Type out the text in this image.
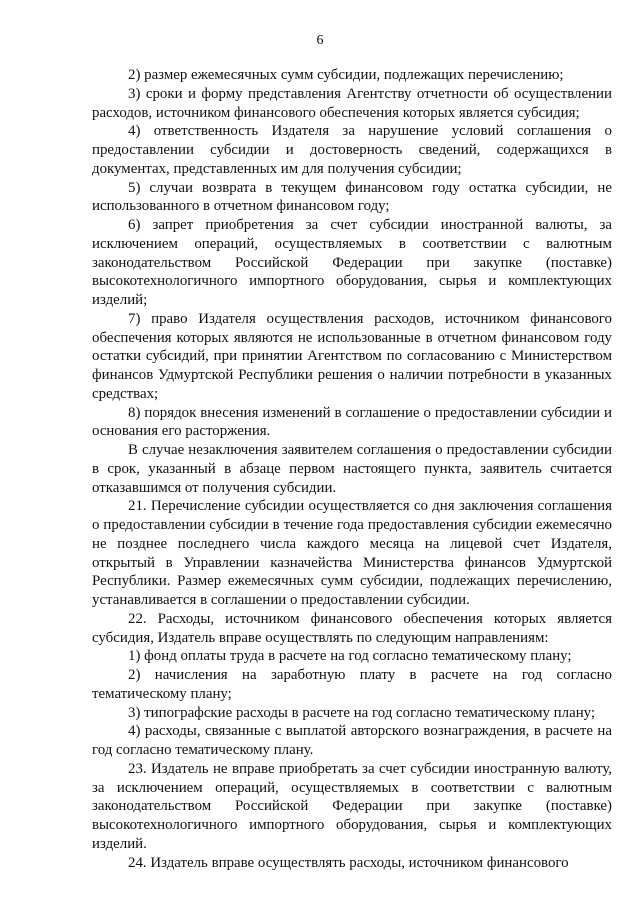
6

2) размер ежемесячных сумм субсидии, подлежащих перечислению;

3) сроки и форму представления Агентству отчетности об осуществлении расходов, источником финансового обеспечения которых является субсидия;

4) ответственность Издателя за нарушение условий соглашения о предоставлении субсидии и достоверность сведений, содержащихся в документах, представленных им для получения субсидии;

5) случаи возврата в текущем финансовом году остатка субсидии, не использованного в отчетном финансовом году;

6) запрет приобретения за счет субсидии иностранной валюты, за исключением операций, осуществляемых в соответствии с валютным законодательством Российской Федерации при закупке (поставке) высокотехнологичного импортного оборудования, сырья и комплектующих изделий;

7) право Издателя осуществления расходов, источником финансового обеспечения которых являются не использованные в отчетном финансовом году остатки субсидий, при принятии Агентством по согласованию с Министерством финансов Удмуртской Республики решения о наличии потребности в указанных средствах;

8) порядок внесения изменений в соглашение о предоставлении субсидии и основания его расторжения.

В случае незаключения заявителем соглашения о предоставлении субсидии в срок, указанный в абзаце первом настоящего пункта, заявитель считается отказавшимся от получения субсидии.

21. Перечисление субсидии осуществляется со дня заключения соглашения о предоставлении субсидии в течение года предоставления субсидии ежемесячно не позднее последнего числа каждого месяца на лицевой счет Издателя, открытый в Управлении казначейства Министерства финансов Удмуртской Республики. Размер ежемесячных сумм субсидии, подлежащих перечислению, устанавливается в соглашении о предоставлении субсидии.

22. Расходы, источником финансового обеспечения которых является субсидия, Издатель вправе осуществлять по следующим направлениям:

1) фонд оплаты труда в расчете на год согласно тематическому плану;

2) начисления на заработную плату в расчете на год согласно тематическому плану;

3) типографские расходы в расчете на год согласно тематическому плану;

4) расходы, связанные с выплатой авторского вознаграждения, в расчете на год согласно тематическому плану.

23. Издатель не вправе приобретать за счет субсидии иностранную валюту, за исключением операций, осуществляемых в соответствии с валютным законодательством Российской Федерации при закупке (поставке) высокотехнологичного импортного оборудования, сырья и комплектующих изделий.

24. Издатель вправе осуществлять расходы, источником финансового
